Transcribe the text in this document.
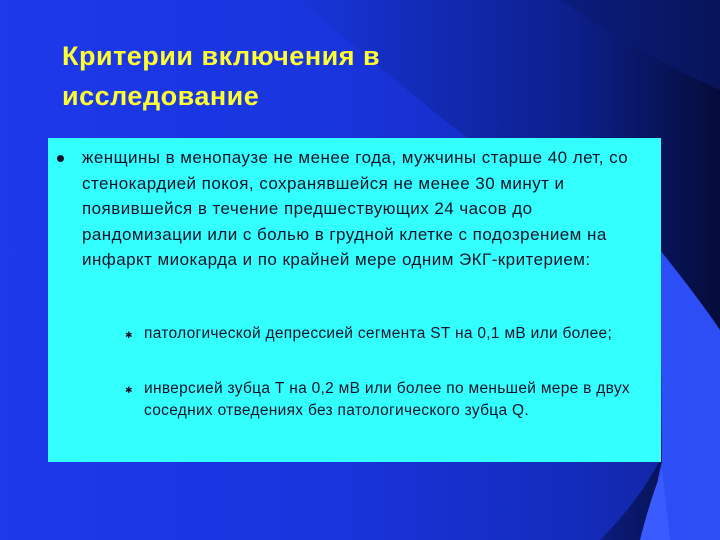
Критерии включения в
исследование
женщины в менопаузе не менее года, мужчины старше 40 лет, со стенокардией покоя, сохранявшейся не менее 30 минут и появившейся в течение предшествующих 24 часов до рандомизации или с болью в грудной клетке с подозрением на инфаркт миокарда и по крайней мере одним ЭКГ-критерием:
✱ патологической депрессией сегмента ST на 0,1 мВ или более;
✱ инверсией зубца Т на 0,2 мВ или более по меньшей мере в двух соседних отведениях без патологического зубца Q.
